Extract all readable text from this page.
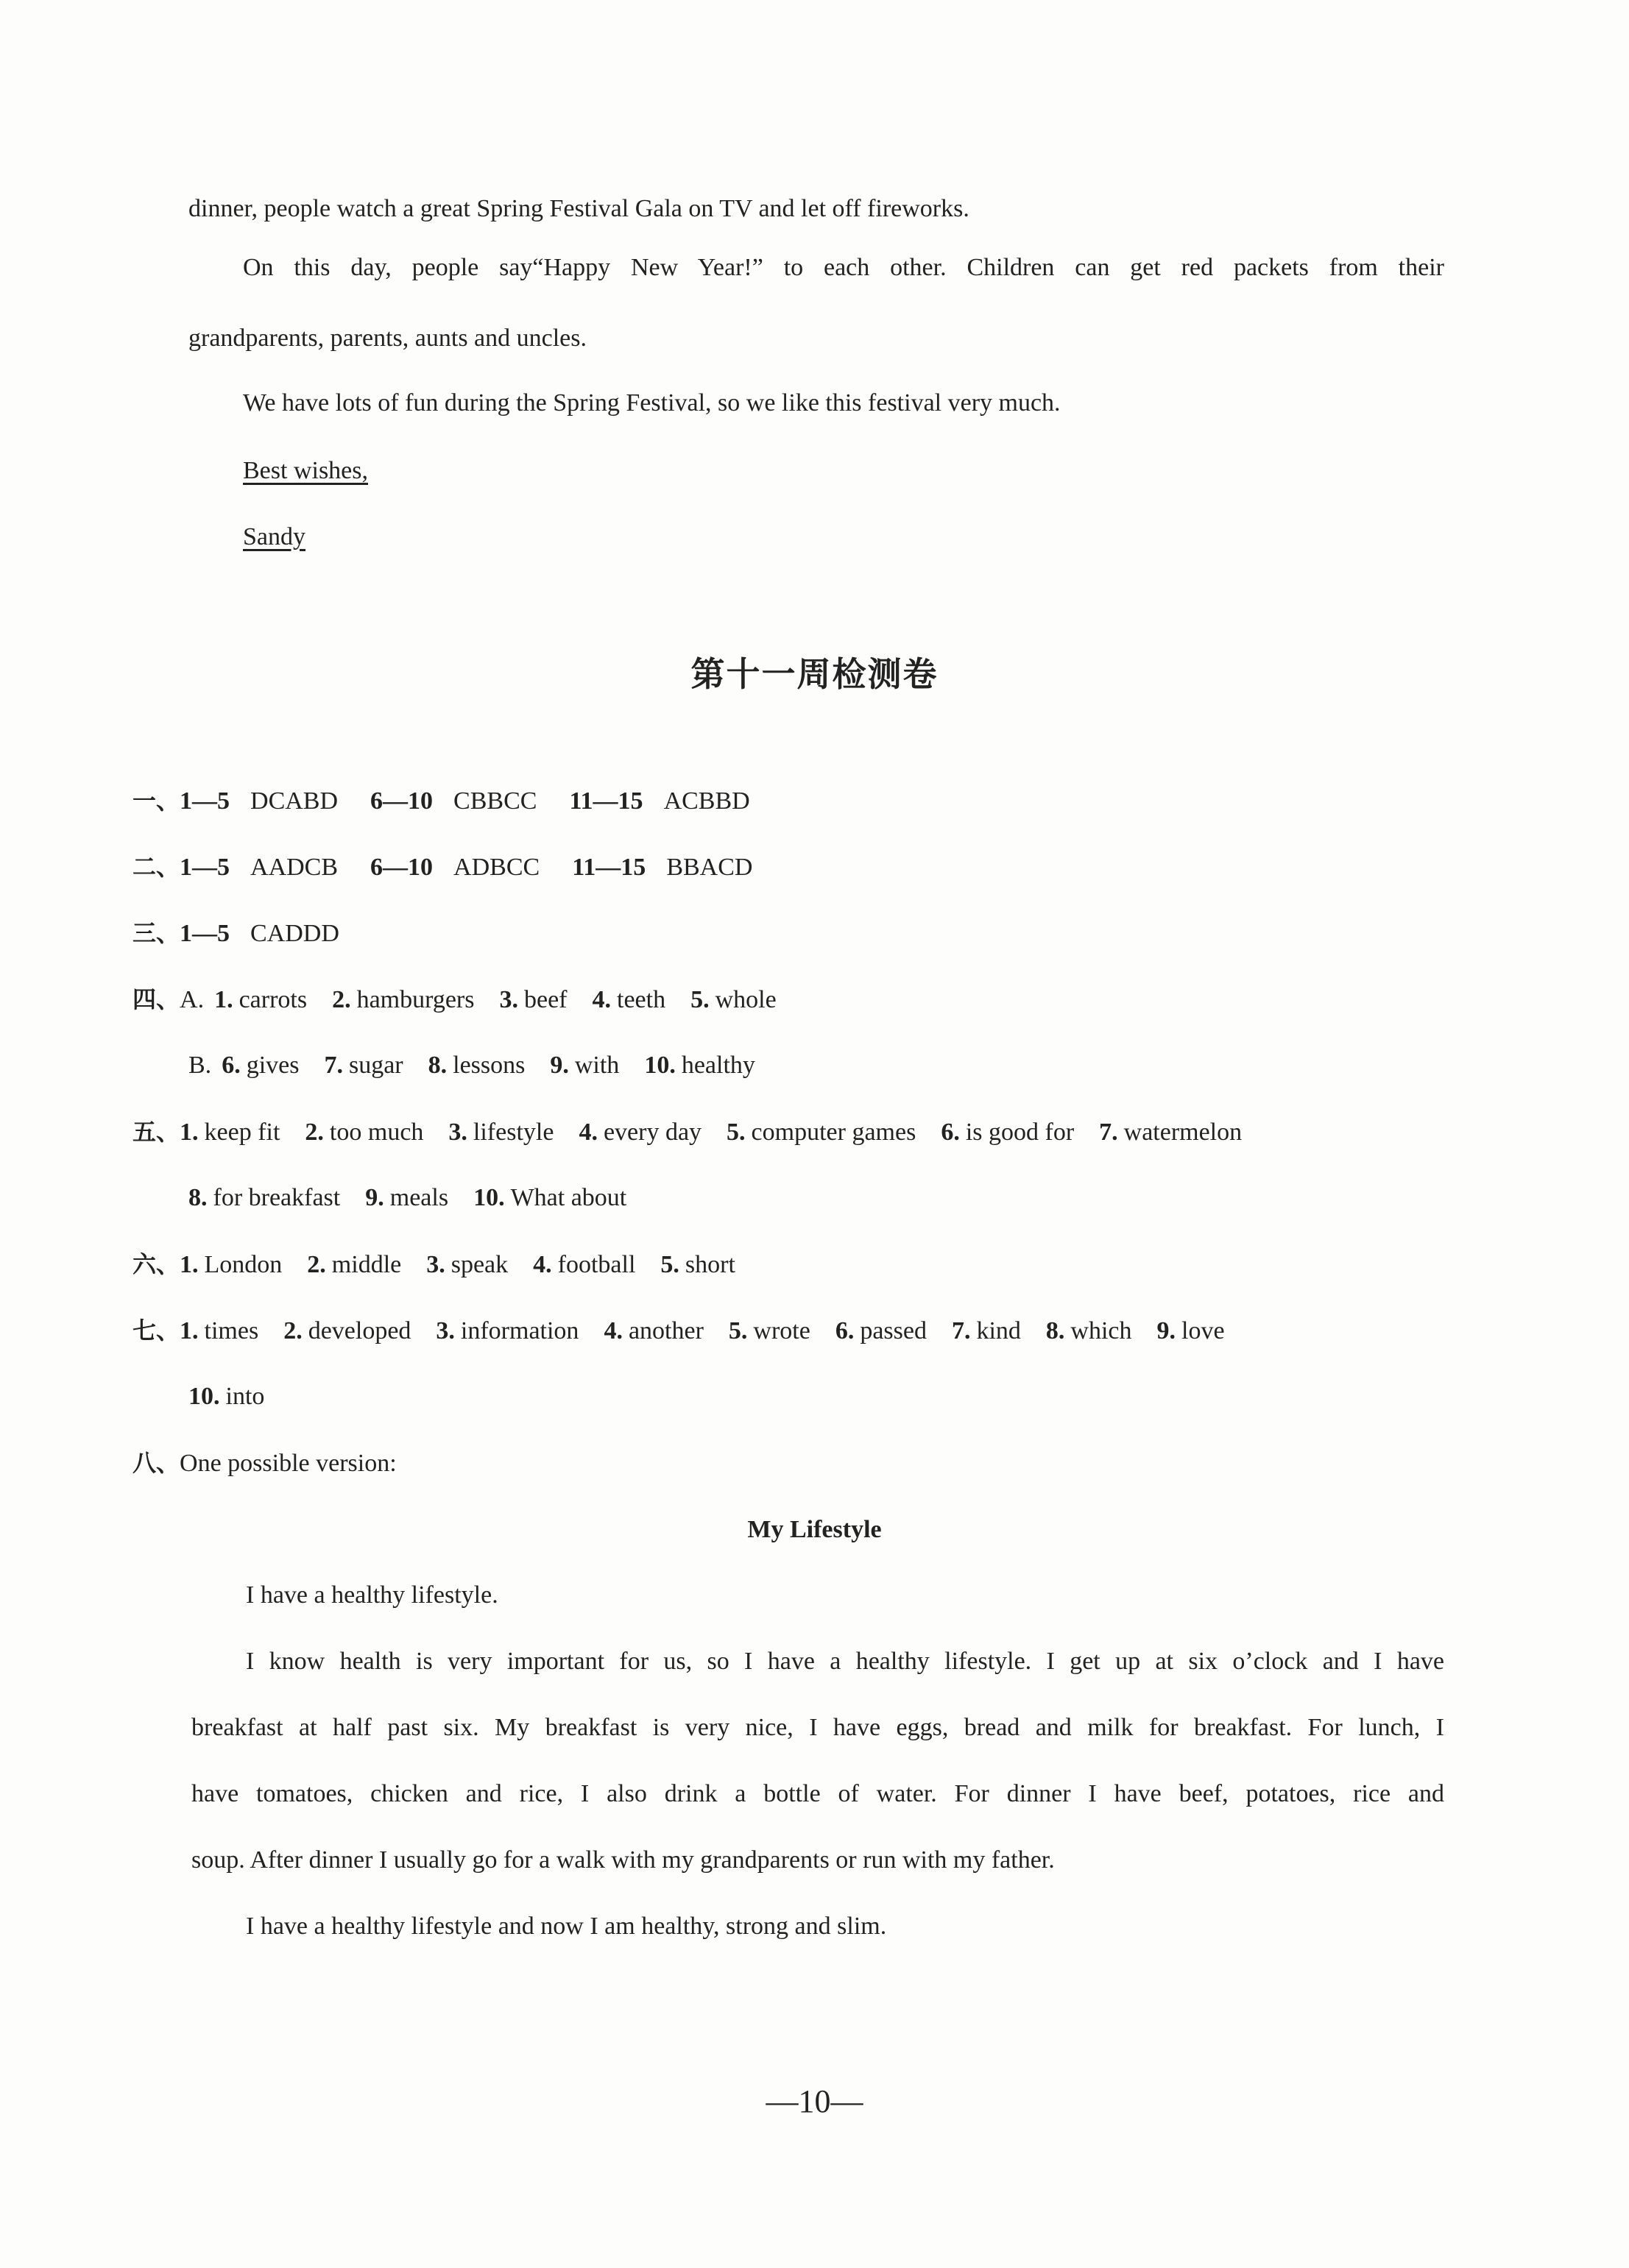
dinner, people watch a great Spring Festival Gala on TV and let off fireworks.
On this day, people say“Happy New Year!” to each other. Children can get red packets from their
grandparents, parents, aunts and uncles.
We have lots of fun during the Spring Festival, so we like this festival very much.
Best wishes,
Sandy
第十一周检测卷
一、1—5 DCABD 6—10 CBBCC 11—15 ACBBD
二、1—5 AADCB 6—10 ADBCC 11—15 BBACD
三、1—5 CADDD
四、A. 1. carrots 2. hamburgers 3. beef 4. teeth 5. whole
B. 6. gives 7. sugar 8. lessons 9. with 10. healthy
五、1. keep fit 2. too much 3. lifestyle 4. every day 5. computer games 6. is good for 7. watermelon
8. for breakfast 9. meals 10. What about
六、1. London 2. middle 3. speak 4. football 5. short
七、1. times 2. developed 3. information 4. another 5. wrote 6. passed 7. kind 8. which 9. love
10. into
八、One possible version:
My Lifestyle
I have a healthy lifestyle.
I know health is very important for us, so I have a healthy lifestyle. I get up at six o’clock and I have
breakfast at half past six. My breakfast is very nice, I have eggs, bread and milk for breakfast. For lunch, I
have tomatoes, chicken and rice, I also drink a bottle of water. For dinner I have beef, potatoes, rice and
soup. After dinner I usually go for a walk with my grandparents or run with my father.
I have a healthy lifestyle and now I am healthy, strong and slim.
—10—
